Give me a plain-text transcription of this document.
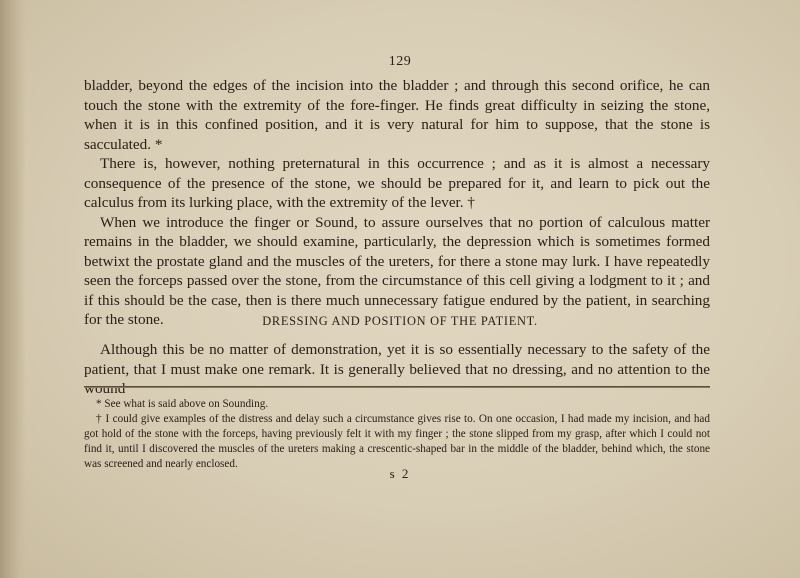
129

bladder, beyond the edges of the incision into the bladder ; and through this second orifice, he can touch the stone with the extremity of the fore-finger. He finds great difficulty in seizing the stone, when it is in this confined position, and it is very natural for him to suppose, that the stone is sacculated. *

There is, however, nothing preternatural in this occurrence ; and as it is almost a necessary consequence of the presence of the stone, we should be prepared for it, and learn to pick out the calculus from its lurking place, with the extremity of the lever. †

When we introduce the finger or Sound, to assure ourselves that no portion of calculous matter remains in the bladder, we should examine, particularly, the depression which is sometimes formed betwixt the prostate gland and the muscles of the ureters, for there a stone may lurk. I have repeatedly seen the forceps passed over the stone, from the circumstance of this cell giving a lodgment to it ; and if this should be the case, then is there much unnecessary fatigue endured by the patient, in searching for the stone.	DRESSING AND POSITION OF THE PATIENT.

Although this be no matter of demonstration, yet it is so essentially necessary to the safety of the patient, that I must make one remark. It is generally believed that no dressing, and no attention to the wound

* See what is said above on Sounding.

† I could give examples of the distress and delay such a circumstance gives rise to. On one occasion, I had made my incision, and had got hold of the stone with the forceps, having previously felt it with my finger ; the stone slipped from my grasp, after which I could not find it, until I discovered the muscles of the ureters making a crescentic-shaped bar in the middle of the bladder, behind which, the stone was screened and nearly enclosed.

s 2
